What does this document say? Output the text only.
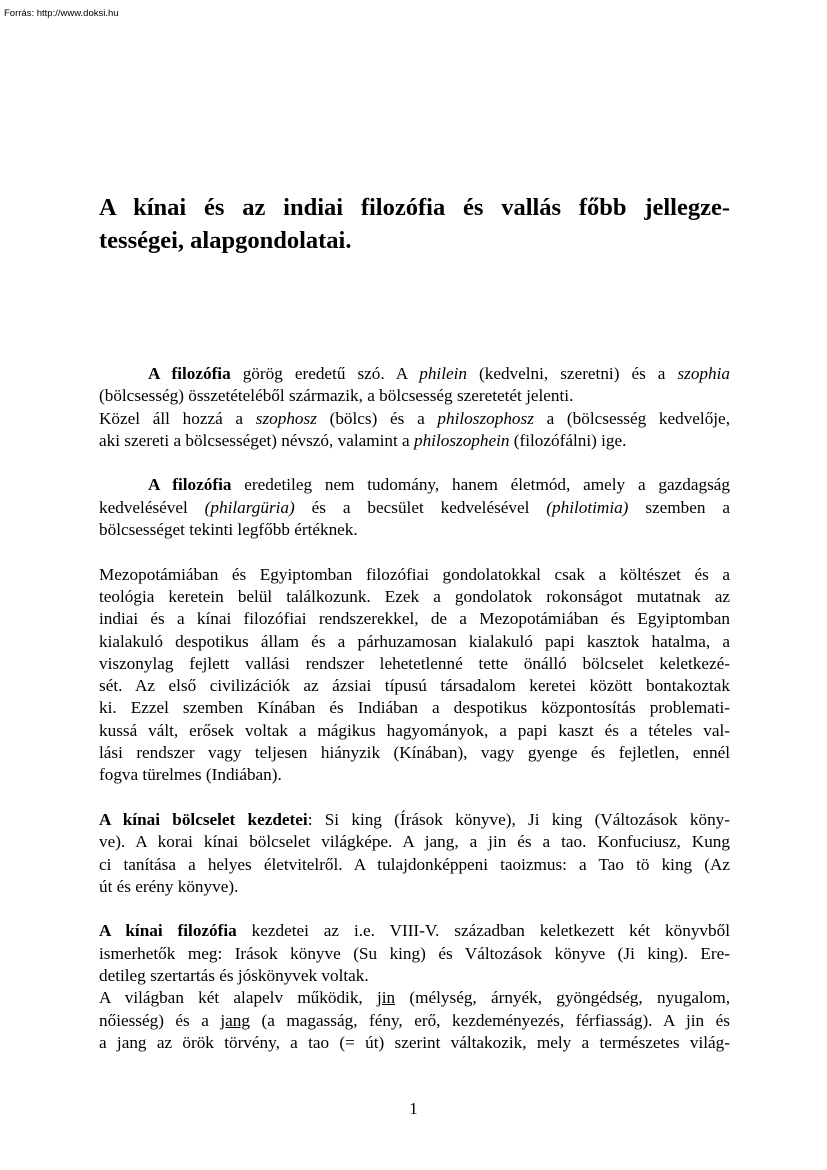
Forrás: http://www.doksi.hu
A kínai és az indiai filozófia és vallás főbb jellegze-
tességei, alapgondolatai.
A filozófia görög eredetű szó. A philein (kedvelni, szeretni) és a szophia
(bölcsesség) összetételéből származik, a bölcsesség szeretetét jelenti.
Közel áll hozzá a szophosz (bölcs) és a philoszophosz a (bölcsesség kedvelője,
aki szereti a bölcsességet) névszó, valamint a philoszophein (filozófálni) ige.
A filozófia eredetileg nem tudomány, hanem életmód, amely a gazdagság
kedvelésével (philargüria) és a becsület kedvelésével (philotimia) szemben a
bölcsességet tekinti legfőbb értéknek.
Mezopotámiában és Egyiptomban filozófiai gondolatokkal csak a költészet és a
teológia keretein belül találkozunk. Ezek a gondolatok rokonságot mutatnak az
indiai és a kínai filozófiai rendszerekkel, de a Mezopotámiában és Egyiptomban
kialakuló despotikus állam és a párhuzamosan kialakuló papi kasztok hatalma, a
viszonylag fejlett vallási rendszer lehetetlenné tette önálló bölcselet keletkezé-
sét. Az első civilizációk az ázsiai típusú társadalom keretei között bontakoztak
ki. Ezzel szemben Kínában és Indiában a despotikus központosítás problemati-
kussá vált, erősek voltak a mágikus hagyományok, a papi kaszt és a tételes val-
lási rendszer vagy teljesen hiányzik (Kínában), vagy gyenge és fejletlen, ennél
fogva türelmes (Indiában).
A kínai bölcselet kezdetei: Si king (Írások könyve), Ji king (Változások köny-
ve). A korai kínai bölcselet világképe. A jang, a jin és a tao. Konfuciusz, Kung
ci tanítása a helyes életvitelről. A tulajdonképpeni taoizmus: a Tao tö king (Az
út és erény könyve).
A kínai filozófia kezdetei az i.e. VIII-V. században keletkezett két könyvből
ismerhetők meg: Irások könyve (Su king) és Változások könyve (Ji king). Ere-
detileg szertartás és jóskönyvek voltak.
A világban két alapelv működik, jin (mélység, árnyék, gyöngédség, nyugalom,
nőiesség) és a jang (a magasság, fény, erő, kezdeményezés, férfiasság). A jin és
a jang az örök törvény, a tao (= út) szerint váltakozik, mely a természetes világ-
1
